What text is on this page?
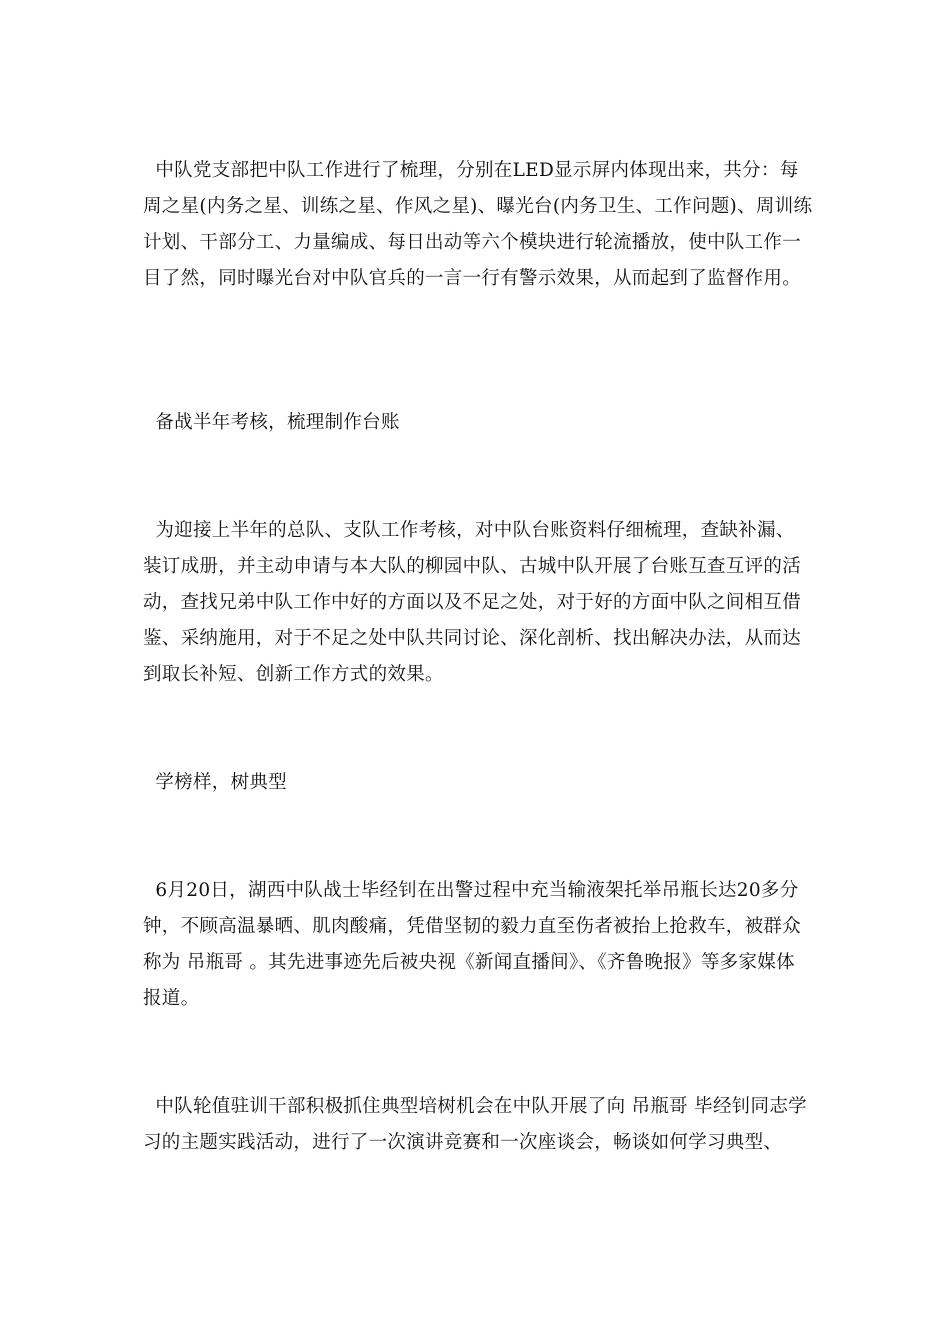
中队党支部把中队工作进行了梳理，分别在LED显示屏内体现出来，共分：每周之星(内务之星、训练之星、作风之星)、曝光台(内务卫生、工作问题)、周训练计划、干部分工、力量编成、每日出动等六个模块进行轮流播放，使中队工作一目了然，同时曝光台对中队官兵的一言一行有警示效果，从而起到了监督作用。

备战半年考核，梳理制作台账

为迎接上半年的总队、支队工作考核，对中队台账资料仔细梳理，查缺补漏、装订成册，并主动申请与本大队的柳园中队、古城中队开展了台账互查互评的活动，查找兄弟中队工作中好的方面以及不足之处，对于好的方面中队之间相互借鉴、采纳施用，对于不足之处中队共同讨论、深化剖析、找出解决办法，从而达到取长补短、创新工作方式的效果。

学榜样，树典型

6月20日，湖西中队战士毕经钊在出警过程中充当输液架托举吊瓶长达20多分钟，不顾高温暴晒、肌肉酸痛，凭借坚韧的毅力直至伤者被抬上抢救车，被群众称为 吊瓶哥 。其先进事迹先后被央视《新闻直播间》、《齐鲁晚报》等多家媒体报道。

中队轮值驻训干部积极抓住典型培树机会在中队开展了向 吊瓶哥 毕经钊同志学习的主题实践活动，进行了一次演讲竞赛和一次座谈会，畅谈如何学习典型、
